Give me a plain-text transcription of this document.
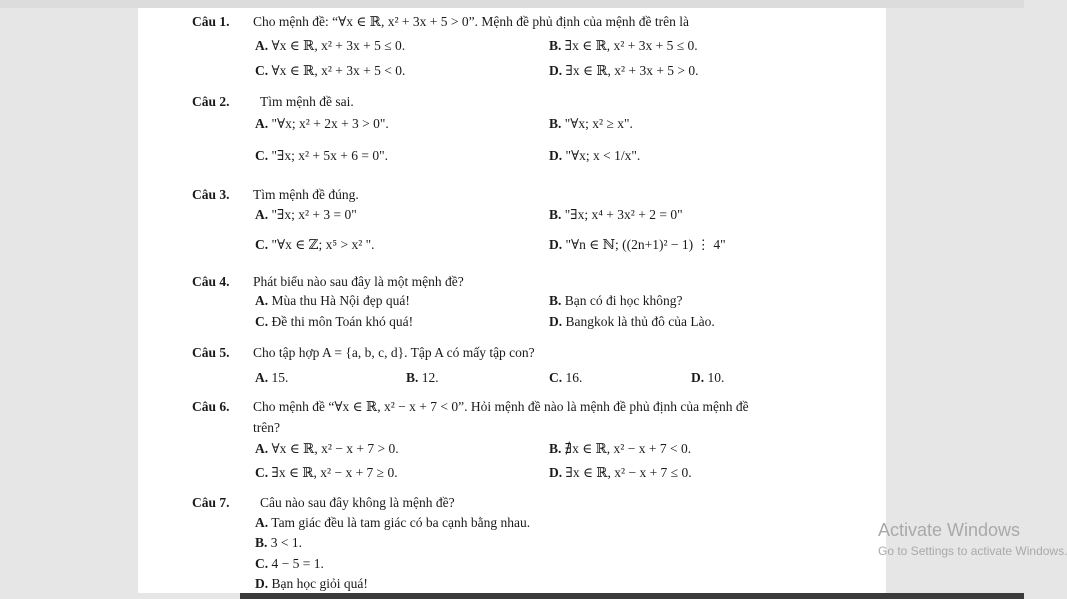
Câu 1. Cho mệnh đề: “∀x ∈ ℝ, x² + 3x + 5 > 0”. Mệnh đề phủ định của mệnh đề trên là
A. ∀x ∈ ℝ, x² + 3x + 5 ≤ 0.	B. ∃x ∈ ℝ, x² + 3x + 5 ≤ 0.
C. ∀x ∈ ℝ, x² + 3x + 5 < 0.	D. ∃x ∈ ℝ, x² + 3x + 5 > 0.
Câu 2. Tìm mệnh đề sai.
A. "∀x; x² + 2x + 3 > 0".	B. "∀x; x² ≥ x".
C. "∃x; x² + 5x + 6 = 0".	D. "∀x; x < 1/x".
Câu 3. Tìm mệnh đề đúng.
A. "∃x; x² + 3 = 0"	B. "∃x; x⁴ + 3x² + 2 = 0"
C. "∀x ∈ ℤ; x⁵ > x² ".	D. "∀n ∈ ℕ; ((2n+1)² − 1) ⋮ 4"
Câu 4. Phát biểu nào sau đây là một mệnh đề?
A. Mùa thu Hà Nội đẹp quá!	B. Bạn có đi học không?
C. Đề thi môn Toán khó quá!	D. Bangkok là thủ đô của Lào.
Câu 5. Cho tập hợp A = {a, b, c, d}. Tập A có mấy tập con?
A. 15.	B. 12.	C. 16.	D. 10.
Câu 6. Cho mệnh đề “∀x ∈ ℝ, x² − x + 7 < 0”. Hỏi mệnh đề nào là mệnh đề phủ định của mệnh đề
trên?
A. ∀x ∈ ℝ, x² − x + 7 > 0.	B. ∄x ∈ ℝ, x² − x + 7 < 0.
C. ∃x ∈ ℝ, x² − x + 7 ≥ 0.	D. ∃x ∈ ℝ, x² − x + 7 ≤ 0.
Câu 7. Câu nào sau đây không là mệnh đề?
A. Tam giác đều là tam giác có ba cạnh bằng nhau.
B. 3 < 1.
C. 4 − 5 = 1.
D. Bạn học giỏi quá!
Activate Windows
Go to Settings to activate Windows.
